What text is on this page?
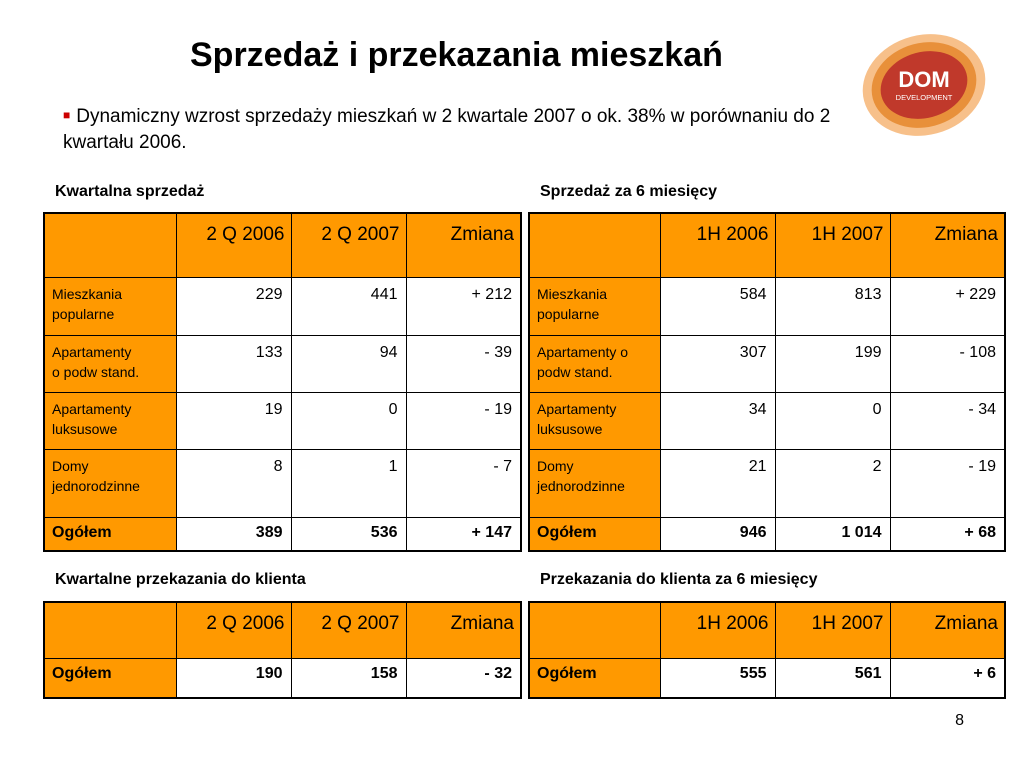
Sprzedaż i przekazania mieszkań
■ Dynamiczny wzrost sprzedaży mieszkań w 2 kwartale 2007 o ok. 38% w porównaniu do 2 kwartału 2006.
DOM
DEVELOPMENT
Kwartalna sprzedaż	Sprzedaż za 6 miesięcy
Kwartalne przekazania do klienta	Przekazania do klienta za 6 miesięcy
	2 Q 2006	2 Q 2007	Zmiana
Mieszkania
popularne	229	441	+ 212
Apartamenty
o podw stand.	133	94	- 39
Apartamenty
luksusowe	19	0	- 19
Domy
jednorodzinne	8	1	- 7
Ogółem	389	536	+ 147
	1H 2006	1H 2007	Zmiana
Mieszkania
popularne	584	813	+ 229
Apartamenty o
podw stand.	307	199	- 108
Apartamenty
luksusowe	34	0	- 34
Domy
jednorodzinne	21	2	- 19
Ogółem	946	1 014	+ 68
	2 Q 2006	2 Q 2007	Zmiana
Ogółem	190	158	- 32
	1H 2006	1H 2007	Zmiana
Ogółem	555	561	+ 6
8
